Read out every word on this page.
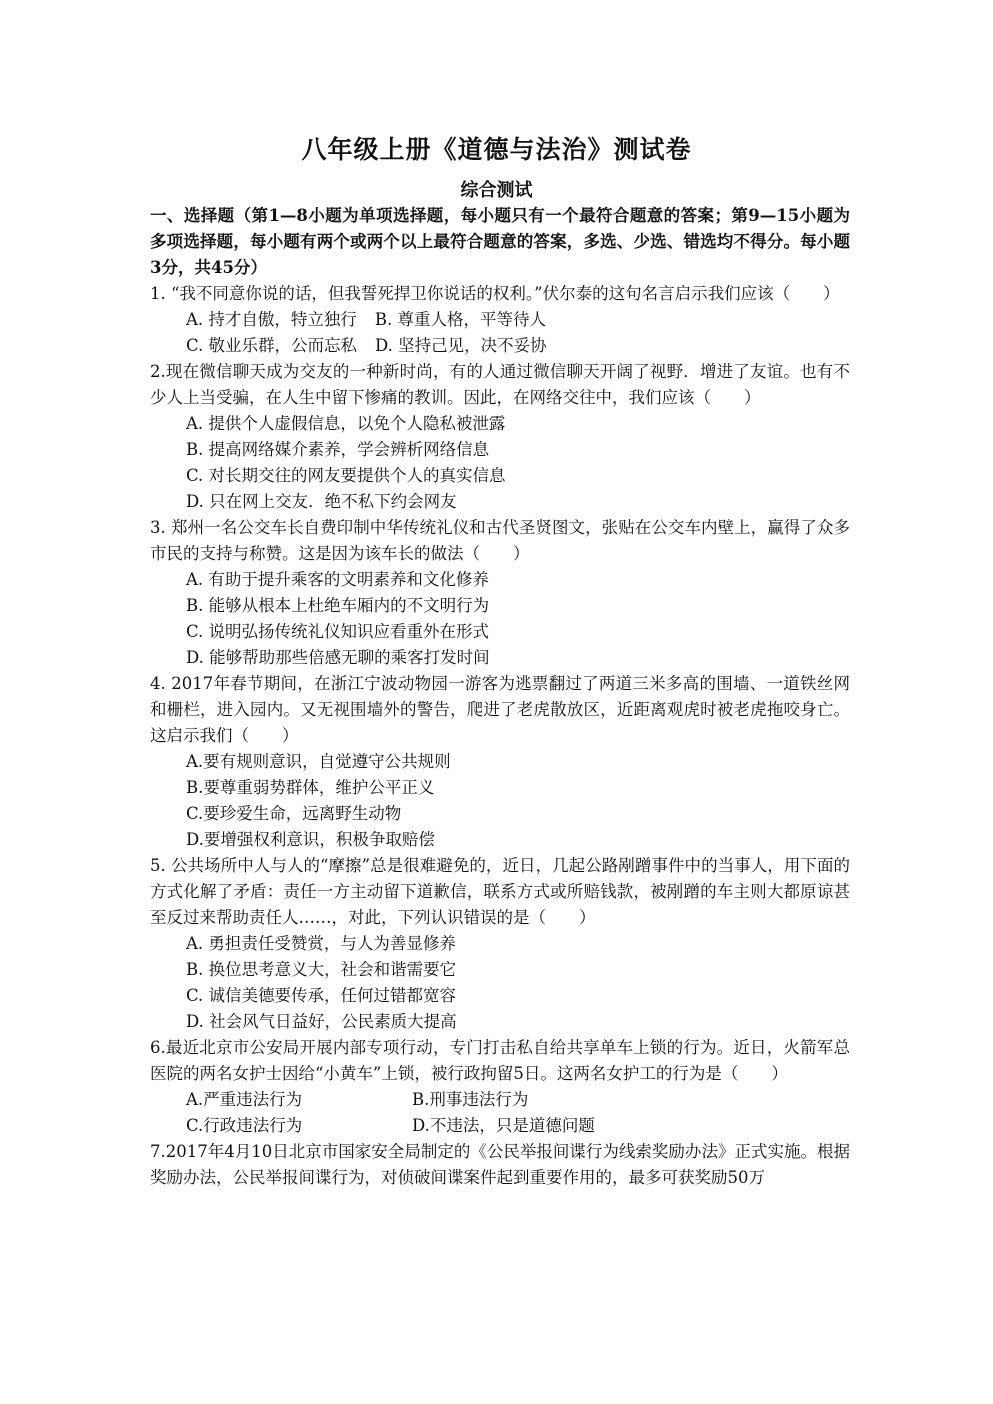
八年级上册《道德与法治》测试卷
综合测试

一、选择题（第1—8小题为单项选择题，每小题只有一个最符合题意的答案；第9—15小题为多项选择题，每小题有两个或两个以上最符合题意的答案，多选、少选、错选均不得分。每小题3分，共45分）

1. “我不同意你说的话，但我誓死捍卫你说话的权利。”伏尔泰的这句名言启示我们应该（　　）

A. 持才自傲，特立独行 B. 尊重人格，平等待人

C. 敬业乐群，公而忘私 D. 坚持己见，决不妥协

2.现在微信聊天成为交友的一种新时尚，有的人通过微信聊天开阔了视野．增进了友谊。也有不少人上当受骗，在人生中留下惨痛的教训。因此，在网络交往中，我们应该（　　）

A. 提供个人虚假信息，以免个人隐私被泄露

B. 提高网络媒介素养，学会辨析网络信息

C. 对长期交往的网友要提供个人的真实信息

D. 只在网上交友．绝不私下约会网友

3. 郑州一名公交车长自费印制中华传统礼仪和古代圣贤图文，张贴在公交车内壁上，赢得了众多市民的支持与称赞。这是因为该车长的做法（　　）

A. 有助于提升乘客的文明素养和文化修养

B. 能够从根本上杜绝车厢内的不文明行为

C. 说明弘扬传统礼仪知识应看重外在形式

D. 能够帮助那些倍感无聊的乘客打发时间

4. 2017年春节期间，在浙江宁波动物园一游客为逃票翻过了两道三米多高的围墙、一道铁丝网和栅栏，进入园内。又无视围墙外的警告，爬进了老虎散放区，近距离观虎时被老虎拖咬身亡。这启示我们（　　）

A.要有规则意识，自觉遵守公共规则

B.要尊重弱势群体，维护公平正义

C.要珍爱生命，远离野生动物

D.要增强权利意识，积极争取赔偿

5. 公共场所中人与人的“摩擦”总是很难避免的，近日，几起公路剐蹭事件中的当事人，用下面的方式化解了矛盾：责任一方主动留下道歉信，联系方式或所赔钱款，被剐蹭的车主则大都原谅甚至反过来帮助责任人……，对此，下列认识错误的是（　　）

A. 勇担责任受赞赏，与人为善显修养

B. 换位思考意义大，社会和谐需要它

C. 诚信美德要传承，任何过错都宽容

D. 社会风气日益好，公民素质大提高

6.最近北京市公安局开展内部专项行动，专门打击私自给共享单车上锁的行为。近日，火箭军总医院的两名女护士因给“小黄车”上锁，被行政拘留5日。这两名女护工的行为是（　　）

A.严重违法行为	B.刑事违法行为

C.行政违法行为	D.不违法，只是道德问题

7.2017年4月10日北京市国家安全局制定的《公民举报间谍行为线索奖励办法》正式实施。根据奖励办法，公民举报间谍行为，对侦破间谍案件起到重要作用的，最多可获奖励50万
